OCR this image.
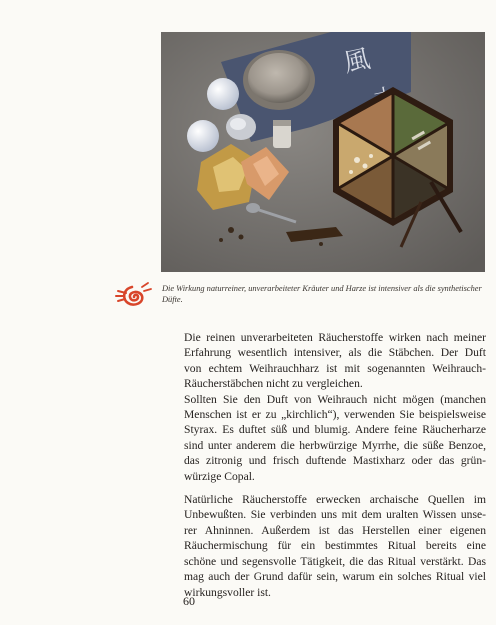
風

Die Wirkung naturreiner, unverarbeiteter Kräuter und Harze ist intensiver als die synthetischer Düfte.

Die reinen unverarbeiteten Räucherstoffe wirken nach meiner
Erfahrung wesentlich intensiver, als die Stäbchen. Der Duft
von echtem Weihrauchharz ist mit sogenannten Weihrauch-
Räucherstäbchen nicht zu vergleichen.
Sollten Sie den Duft von Weihrauch nicht mögen (manchen
Menschen ist er zu „kirchlich“), verwenden Sie beispielsweise
Styrax. Es duftet süß und blumig. Andere feine Räucherharze
sind unter anderem die herbwürzige Myrrhe, die süße Benzoe,
das zitronig und frisch duftende Mastixharz oder das grün-
würzige Copal.

Natürliche Räucherstoffe erwecken archaische Quellen im
Unbewußten. Sie verbinden uns mit dem uralten Wissen unse-
rer Ahninnen. Außerdem ist das Herstellen einer eigenen
Räuchermischung für ein bestimmtes Ritual bereits eine
schöne und segensvolle Tätigkeit, die das Ritual verstärkt. Das
mag auch der Grund dafür sein, warum ein solches Ritual viel
wirkungsvoller ist.

60
